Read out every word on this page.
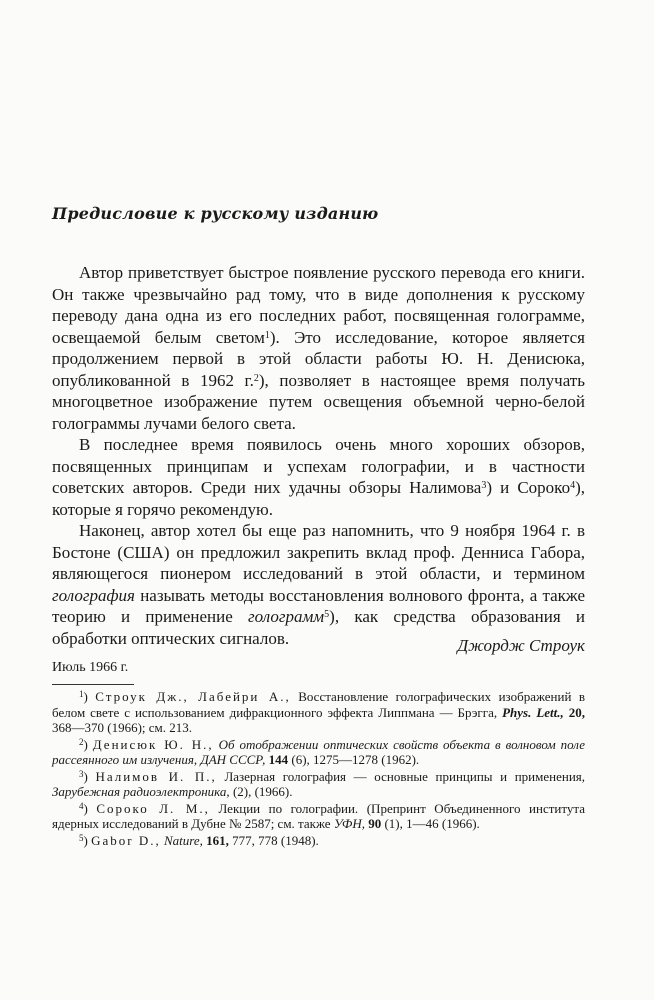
Предисловие к русскому изданию

Автор приветствует быстрое появление русского перевода его книги. Он также чрезвычайно рад тому, что в виде дополнения к русскому переводу дана одна из его последних работ, посвященная голограмме, освещаемой белым светом$^1$). Это исследование, которое является продолжением первой в этой области работы Ю. Н. Денисюка, опубликованной в 1962 г.$^2$), позволяет в настоящее время получать многоцветное изображение путем освещения объемной черно-белой голограммы лучами белого света.

В последнее время появилось очень много хороших обзоров, посвященных принципам и успехам голографии, и в частности советских авторов. Среди них удачны обзоры Налимова$^3$) и Сороко$^4$), которые я горячо рекомендую.

Наконец, автор хотел бы еще раз напомнить, что 9 ноября 1964 г. в Бостоне (США) он предложил закрепить вклад проф. Денниса Габора, являющегося пионером исследований в этой области, и термином голография называть методы восстановления волнового фронта, а также теорию и применение голограмм$^5$), как средства образования и обработки оптических сигналов.	Джордж Строук

Июль 1966 г.

$^1$) Строук Дж., Лабейри А., Восстановление голографических изображений в белом свете с использованием дифракционного эффекта Липпмана — Брэгга, Phys. Lett., 20, 368—370 (1966); см. 213.

$^2$) Денисюк Ю. Н., Об отображении оптических свойств объекта в волновом поле рассеянного им излучения, ДАН СССР, 144 (6), 1275—1278 (1962).

$^3$) Налимов И. П., Лазерная голография — основные принципы и применения, Зарубежная радиоэлектроника, (2), (1966).

$^4$) Сороко Л. М., Лекции по голографии. (Препринт Объединенного института ядерных исследований в Дубне № 2587; см. также УФН, 90 (1), 1—46 (1966).

$^5$) Gabor D., Nature, 161, 777, 778 (1948).
